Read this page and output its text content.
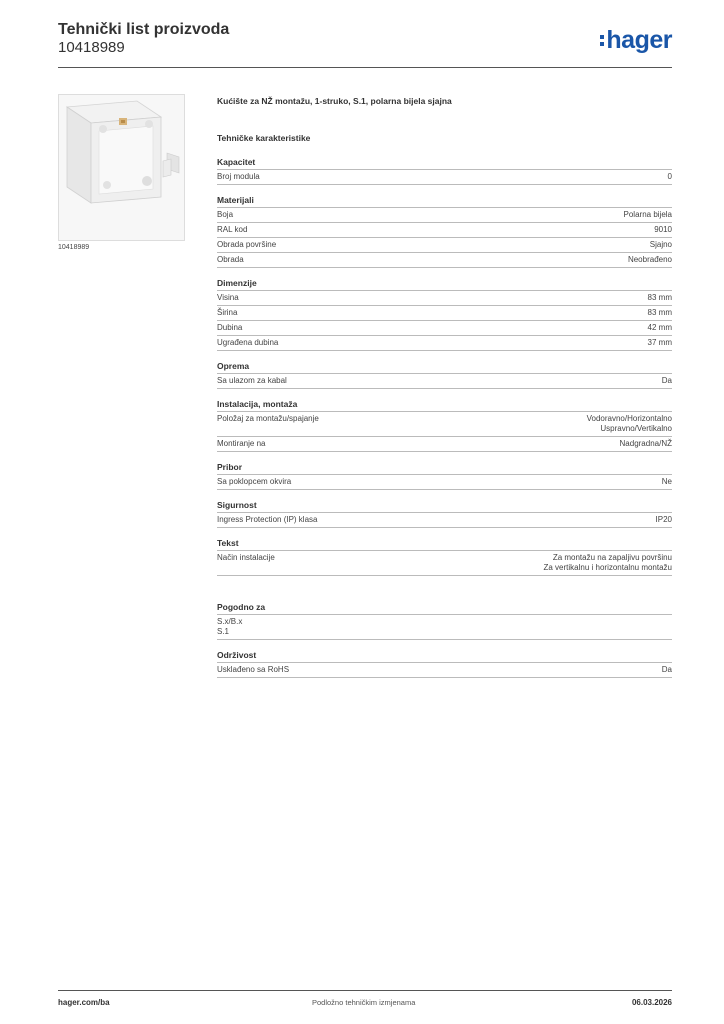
Tehnički list proizvoda
10418989	hager
10418989
Kućište za NŽ montažu, 1-struko, S.1, polarna bijela sjajna
Tehničke karakteristike
Kapacitet
Broj modula	0
Materijali
Boja	Polarna bijela
RAL kod	9010
Obrada površine	Sjajno
Obrada	Neobrađeno
Dimenzije
Visina	83 mm
Širina	83 mm
Dubina	42 mm
Ugrađena dubina	37 mm
Oprema
Sa ulazom za kabal	Da
Instalacija, montaža
Položaj za montažu/spajanje	Vodoravno/Horizontalno
Uspravno/Vertikalno
Montiranje na	Nadgradna/NŽ
Pribor
Sa poklopcem okvira	Ne
Sigurnost
Ingress Protection (IP) klasa	IP20
Tekst
Način instalacije	Za montažu na zapaljivu površinu
Za vertikalnu i horizontalnu montažu
Pogodno za
S.x/B.x
S.1
Održivost
Usklađeno sa RoHS	Da
hager.com/ba	Podložno tehničkim izmjenama	06.03.2026
